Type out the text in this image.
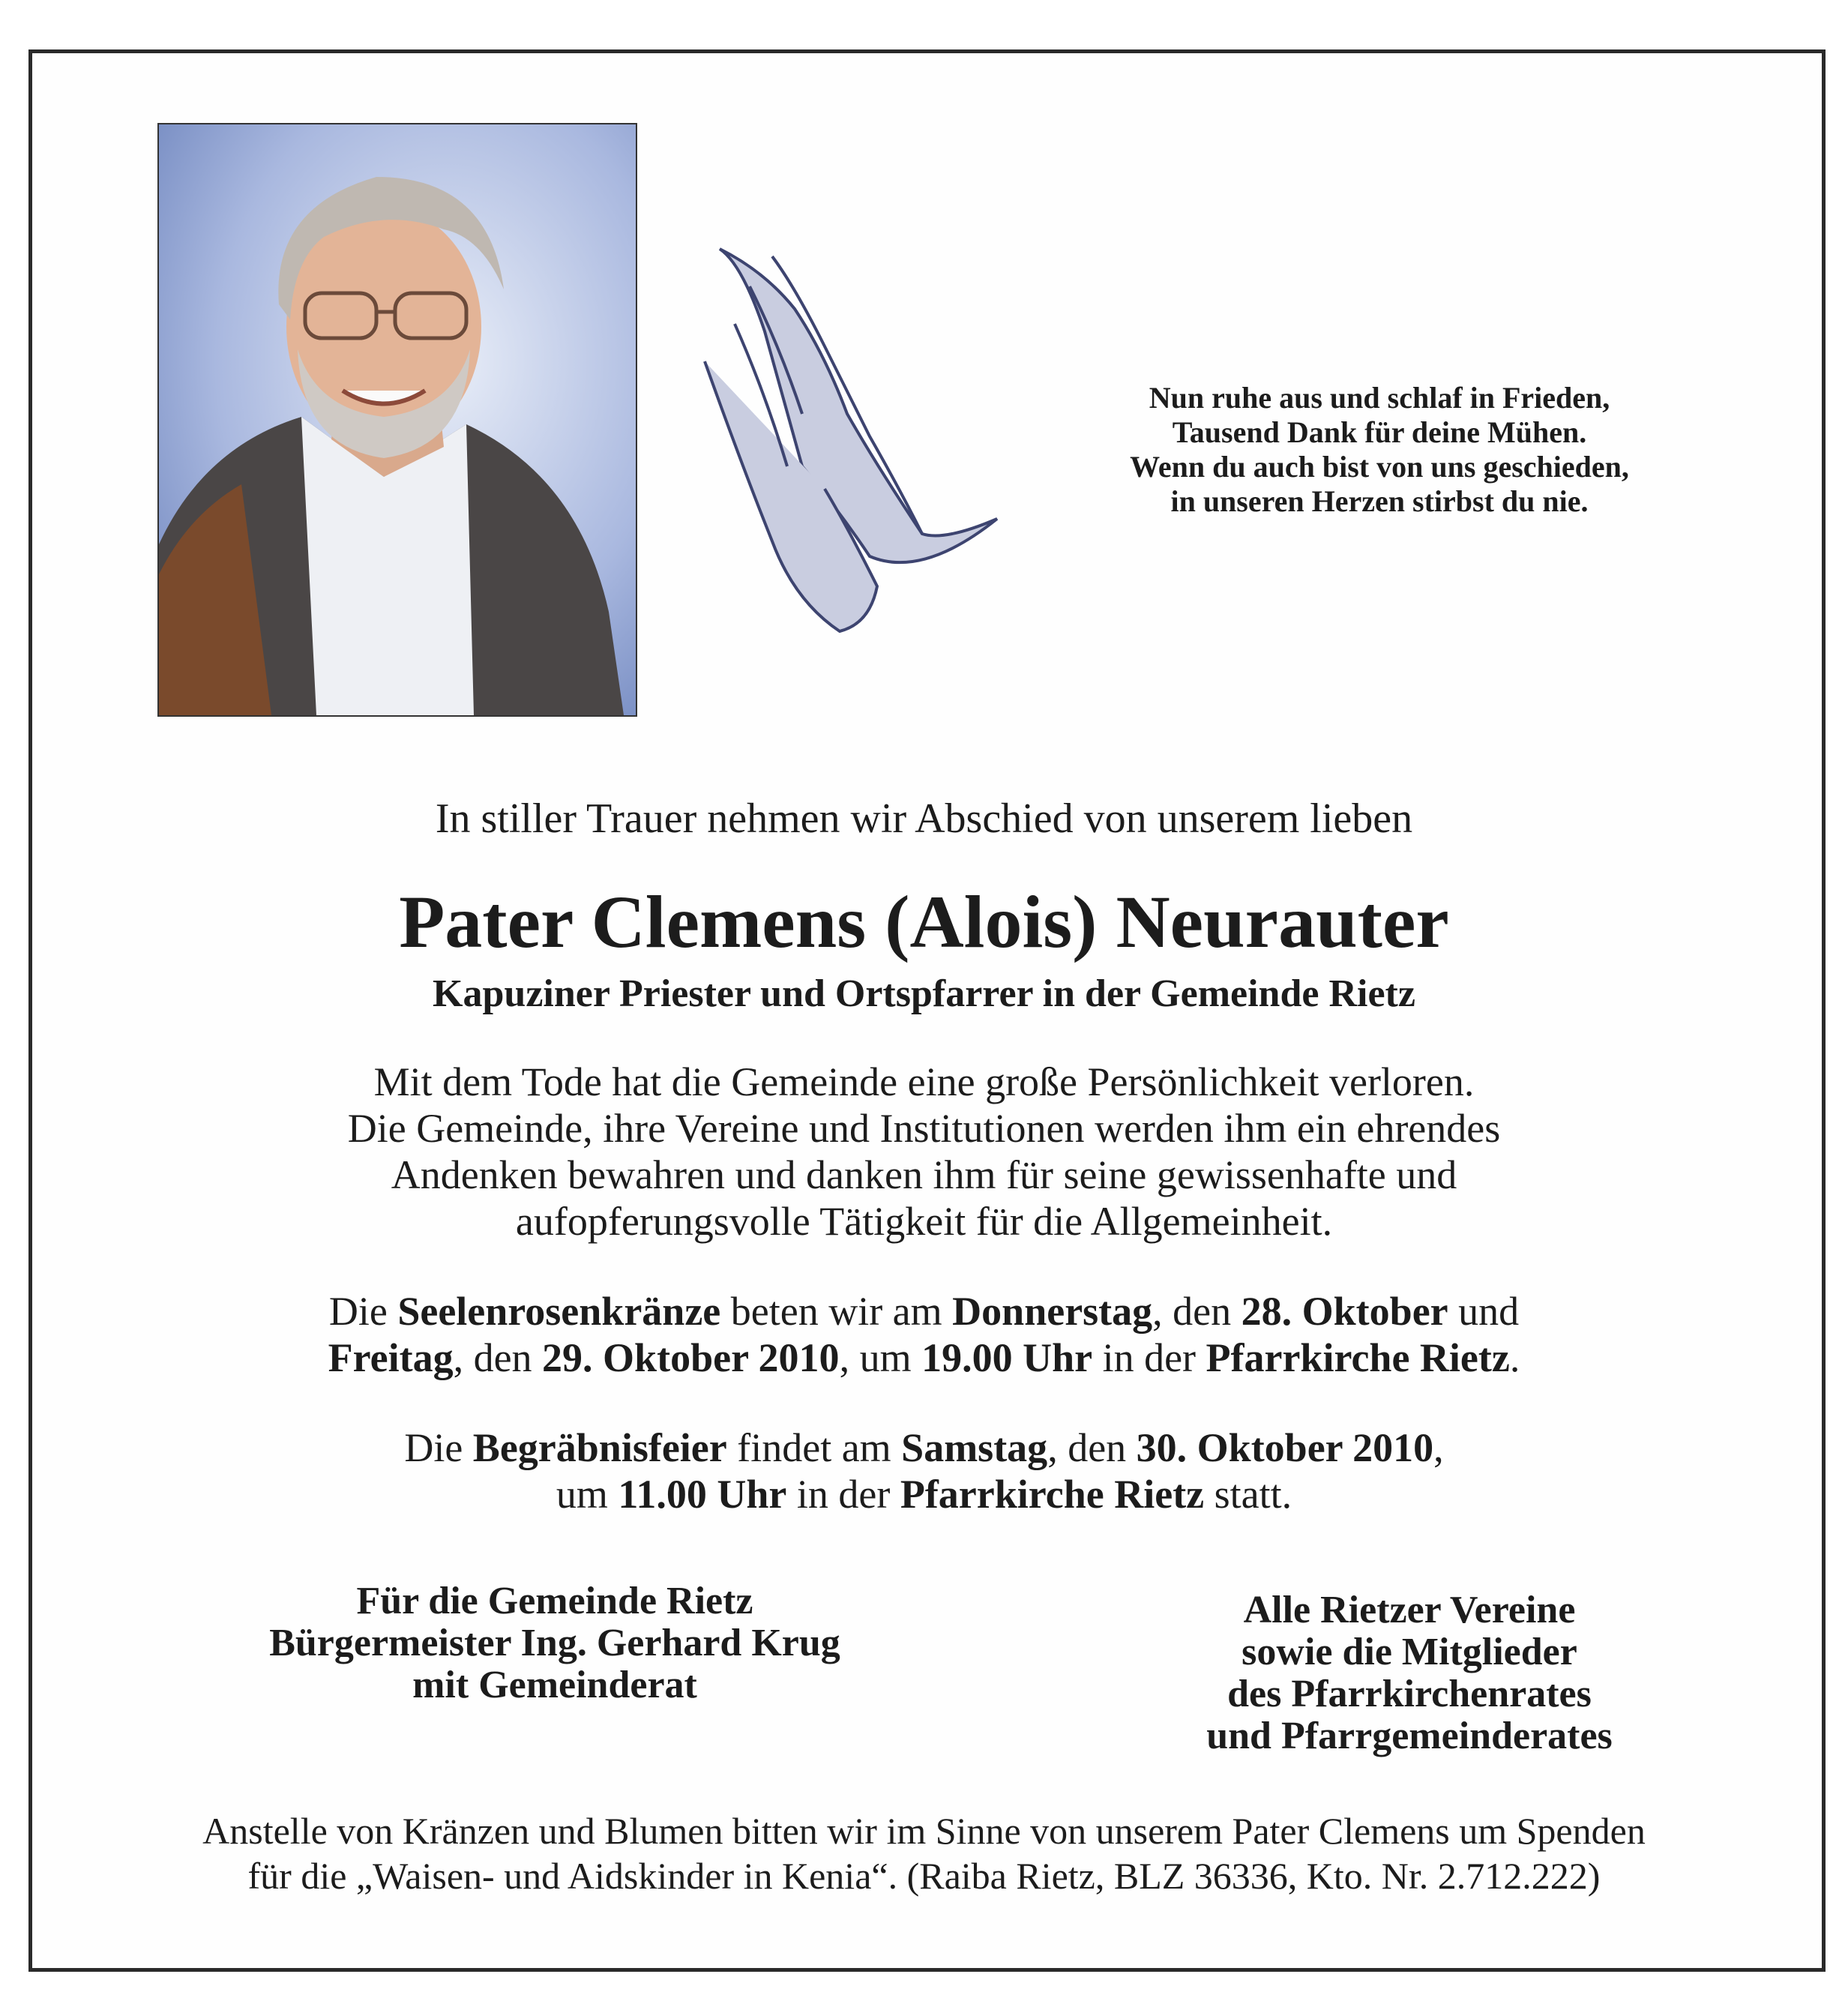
Nun ruhe aus und schlaf in Frieden,
Tausend Dank für deine Mühen.
Wenn du auch bist von uns geschieden,
in unseren Herzen stirbst du nie.
In stiller Trauer nehmen wir Abschied von unserem lieben
Pater Clemens (Alois) Neurauter
Kapuziner Priester und Ortspfarrer in der Gemeinde Rietz
Mit dem Tode hat die Gemeinde eine große Persönlichkeit verloren.
Die Gemeinde, ihre Vereine und Institutionen werden ihm ein ehrendes
Andenken bewahren und danken ihm für seine gewissenhafte und
aufopferungsvolle Tätigkeit für die Allgemeinheit.
Die Seelenrosenkränze beten wir am Donnerstag, den 28. Oktober und
Freitag, den 29. Oktober 2010, um 19.00 Uhr in der Pfarrkirche Rietz.
Die Begräbnisfeier findet am Samstag, den 30. Oktober 2010,
um 11.00 Uhr in der Pfarrkirche Rietz statt.
Für die Gemeinde Rietz
Bürgermeister Ing. Gerhard Krug
mit Gemeinderat
Alle Rietzer Vereine
sowie die Mitglieder
des Pfarrkirchenrates
und Pfarrgemeinderates
Anstelle von Kränzen und Blumen bitten wir im Sinne von unserem Pater Clemens um Spenden
für die „Waisen- und Aidskinder in Kenia“. (Raiba Rietz, BLZ 36336, Kto. Nr. 2.712.222)
